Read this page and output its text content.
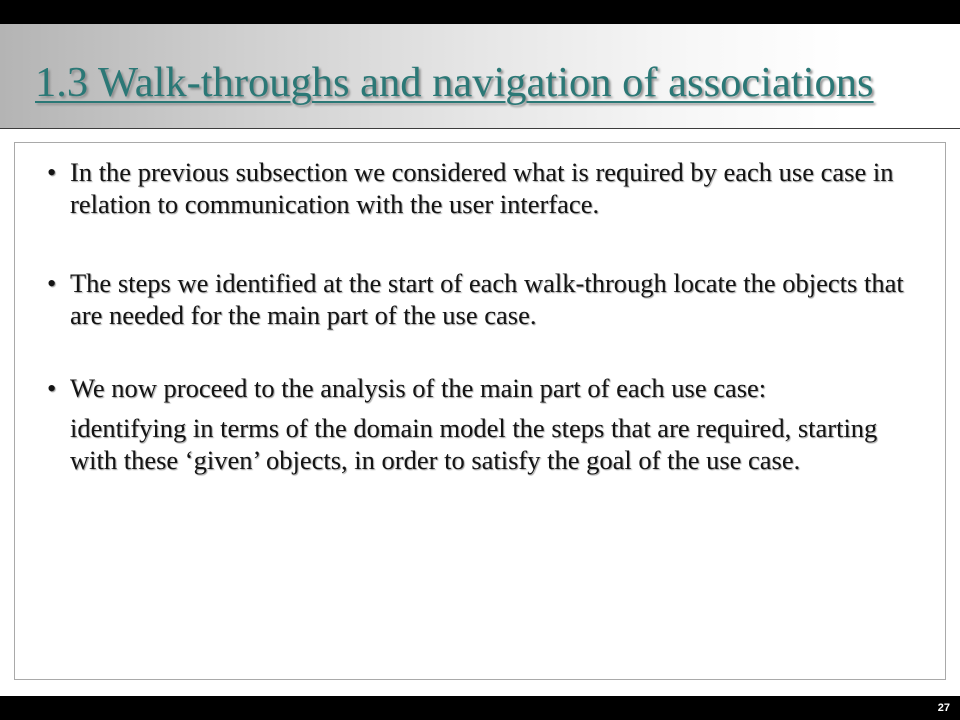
1.3 Walk-throughs and navigation of associations

• In the previous subsection we considered what is required by each use case in relation to communication with the user interface.

• The steps we identified at the start of each walk-through locate the objects that are needed for the main part of the use case.

• We now proceed to the analysis of the main part of each use case:

identifying in terms of the domain model the steps that are required, starting with these ‘given’ objects, in order to satisfy the goal of the use case.

27
